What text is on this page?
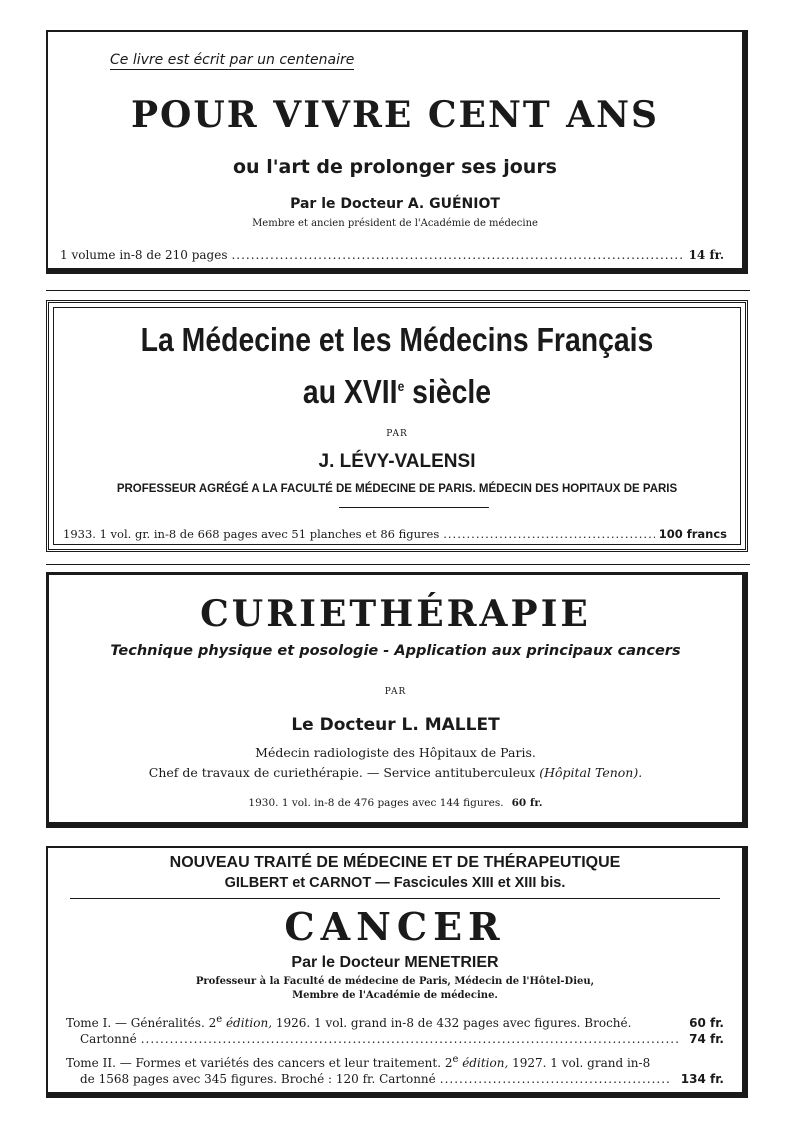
Ce livre est écrit par un centenaire
POUR VIVRE CENT ANS
ou l'art de prolonger ses jours
Par le Docteur A. GUÉNIOT
Membre et ancien président de l'Académie de médecine
1 volume in-8 de 210 pages .....	14 fr.
La Médecine et les Médecins Français
au XVIIe siècle
PAR
J. LÉVY-VALENSI
PROFESSEUR AGRÉGÉ A LA FACULTÉ DE MÉDECINE DE PARIS. MÉDECIN DES HOPITAUX DE PARIS
1933. 1 vol. gr. in-8 de 668 pages avec 51 planches et 86 figures .....	100 francs
CURIETHÉRAPIE
Technique physique et posologie - Application aux principaux cancers
PAR
Le Docteur L. MALLET
Médecin radiologiste des Hôpitaux de Paris.
Chef de travaux de curiethérapie. — Service antituberculeux (Hôpital Tenon).
1930. 1 vol. in-8 de 476 pages avec 144 figures. 60 fr.
NOUVEAU TRAITÉ DE MÉDECINE ET DE THÉRAPEUTIQUE
GILBERT et CARNOT — Fascicules XIII et XIII bis.
CANCER
Par le Docteur MENETRIER
Professeur à la Faculté de médecine de Paris, Médecin de l'Hôtel-Dieu,
Membre de l'Académie de médecine.
Tome I. — Généralités. 2e édition, 1926. 1 vol. grand in-8 de 432 pages avec figures. Broché.	60 fr.
Cartonné .....	74 fr.
Tome II. — Formes et variétés des cancers et leur traitement. 2e édition, 1927. 1 vol. grand in-8
de 1568 pages avec 345 figures. Broché : 120 fr. Cartonné .....	134 fr.
